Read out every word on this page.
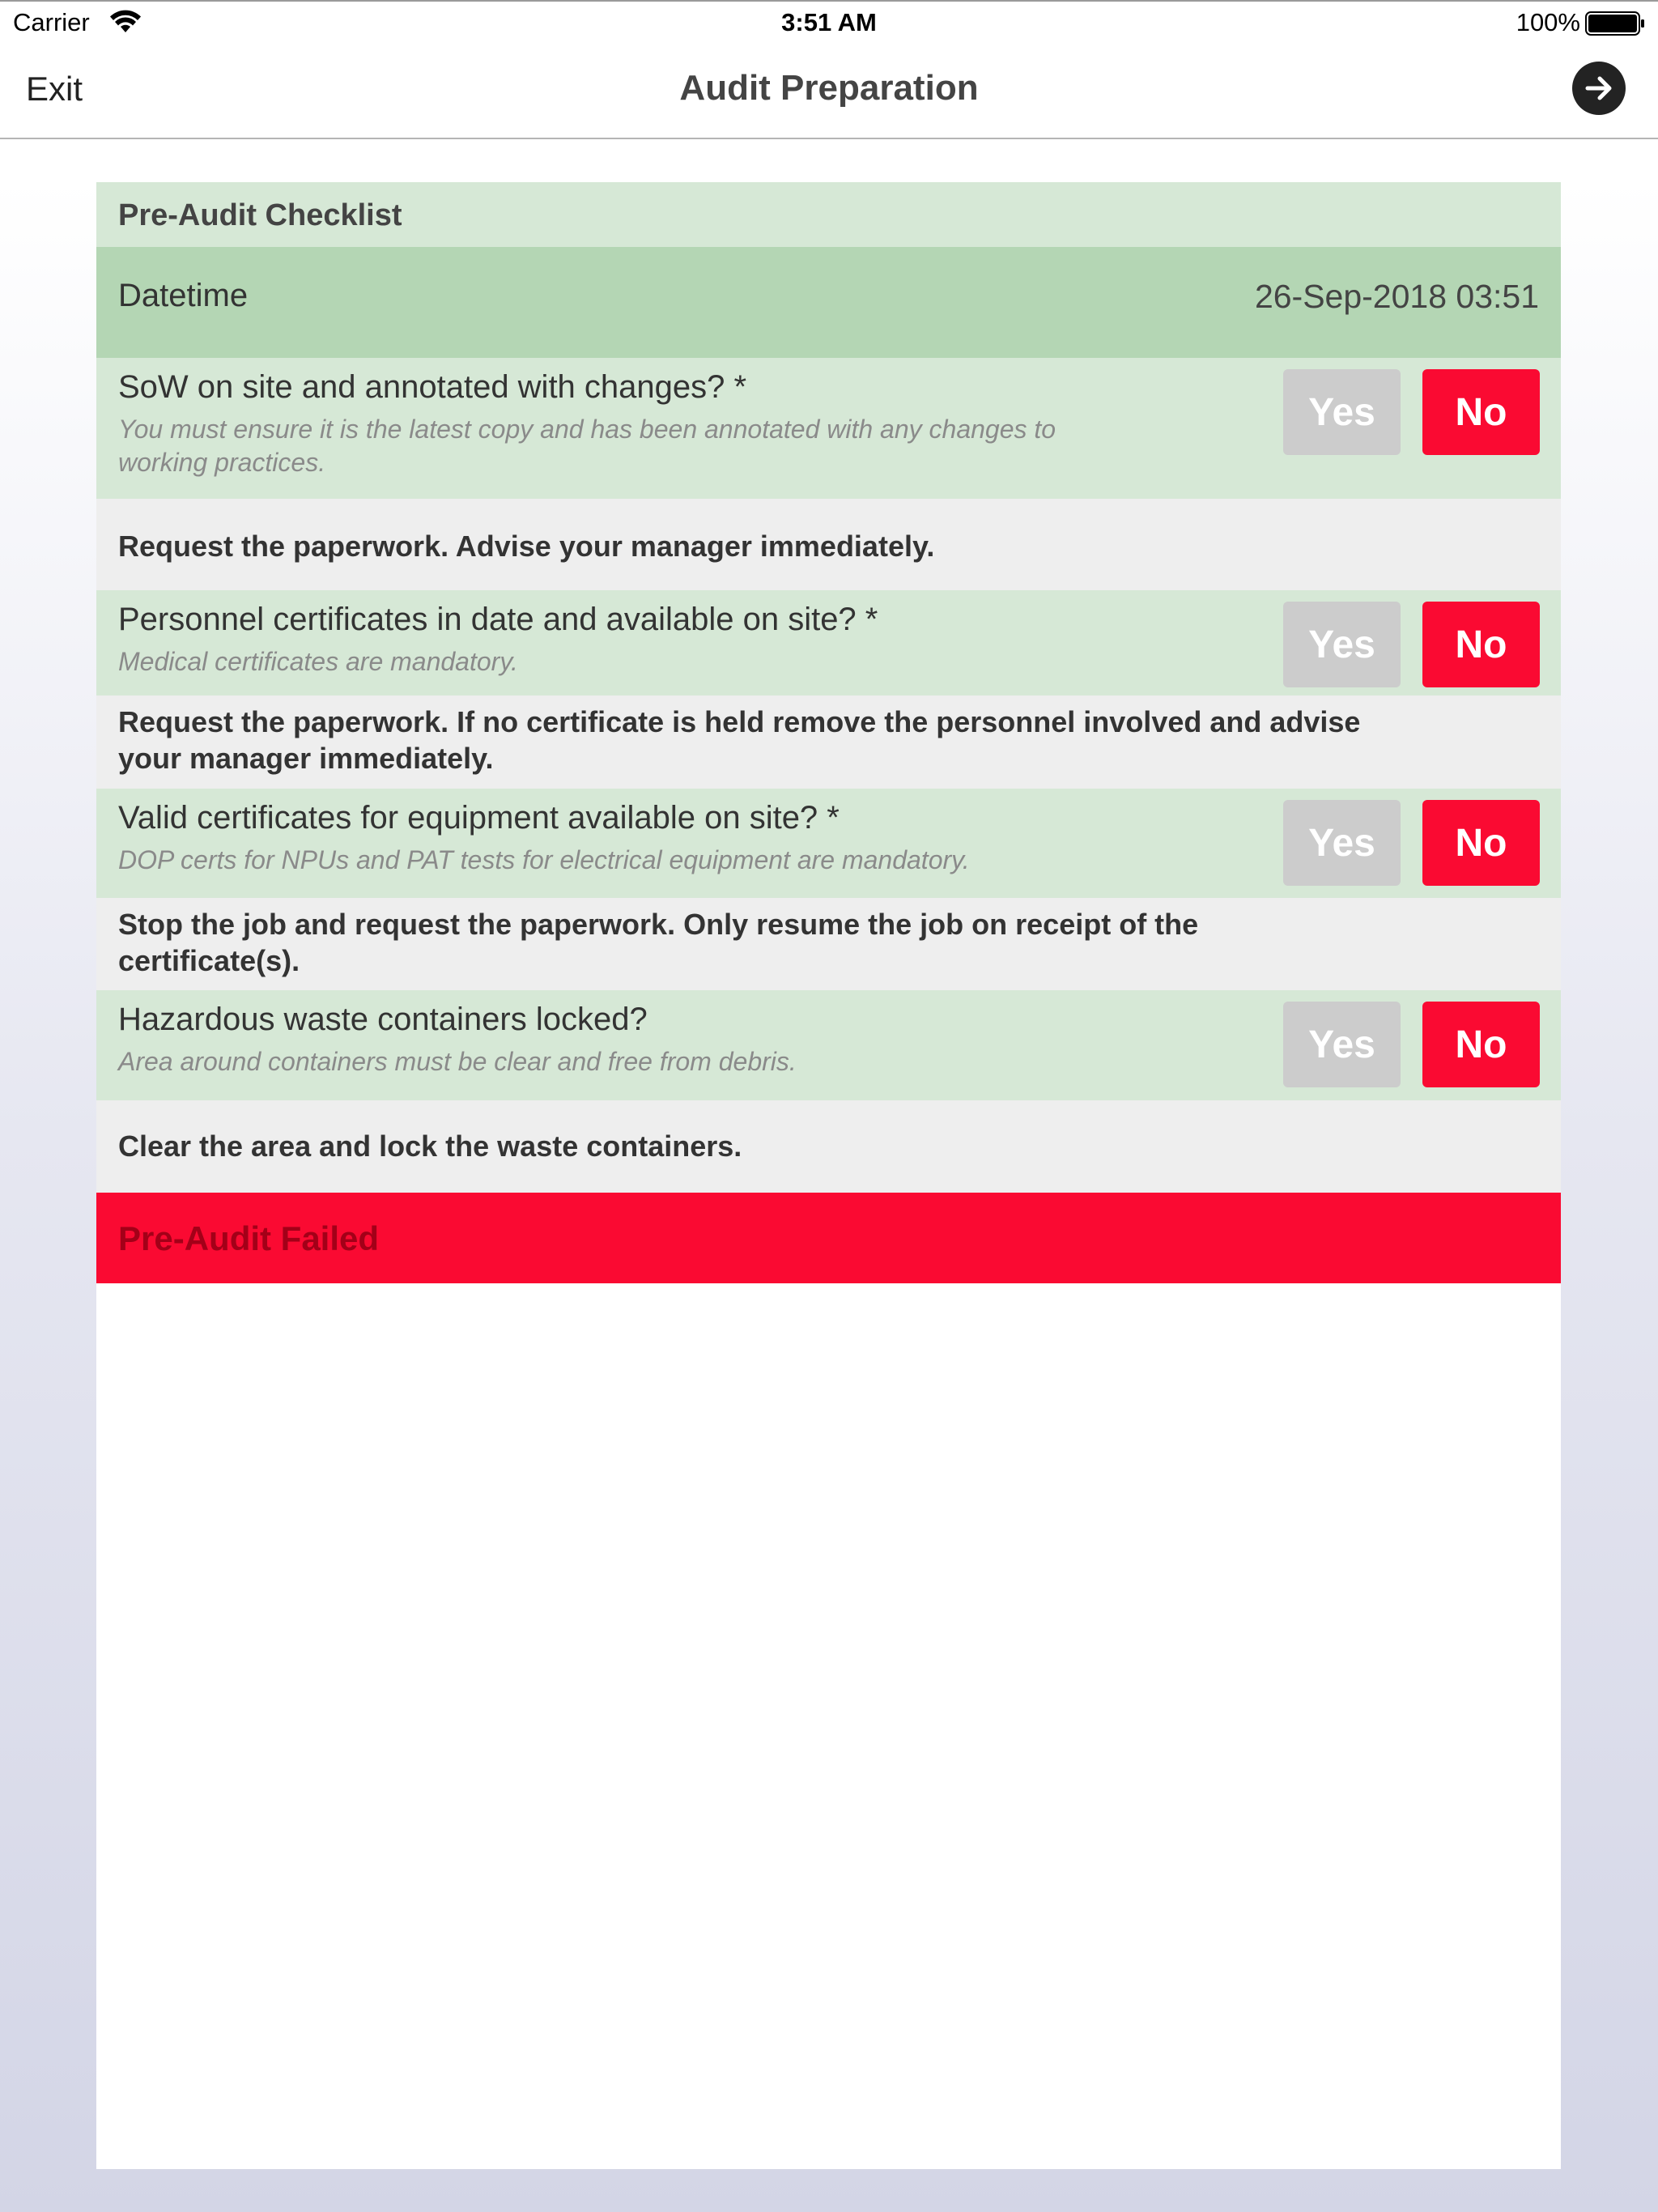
Carrier	3:51 AM	100%
Exit	Audit Preparation
Pre-Audit Checklist
Datetime	26-Sep-2018 03:51
SoW on site and annotated with changes? *
You must ensure it is the latest copy and has been annotated with any changes to working practices.
Yes	No
Request the paperwork. Advise your manager immediately.
Personnel certificates in date and available on site? *
Medical certificates are mandatory.	Yes	No
Request the paperwork. If no certificate is held remove the personnel involved and advise your manager immediately.
Valid certificates for equipment available on site? *
DOP certs for NPUs and PAT tests for electrical equipment are mandatory.	Yes	No
Stop the job and request the paperwork. Only resume the job on receipt of the certificate(s).
Hazardous waste containers locked?
Area around containers must be clear and free from debris.	Yes	No
Clear the area and lock the waste containers.
Pre-Audit Failed
